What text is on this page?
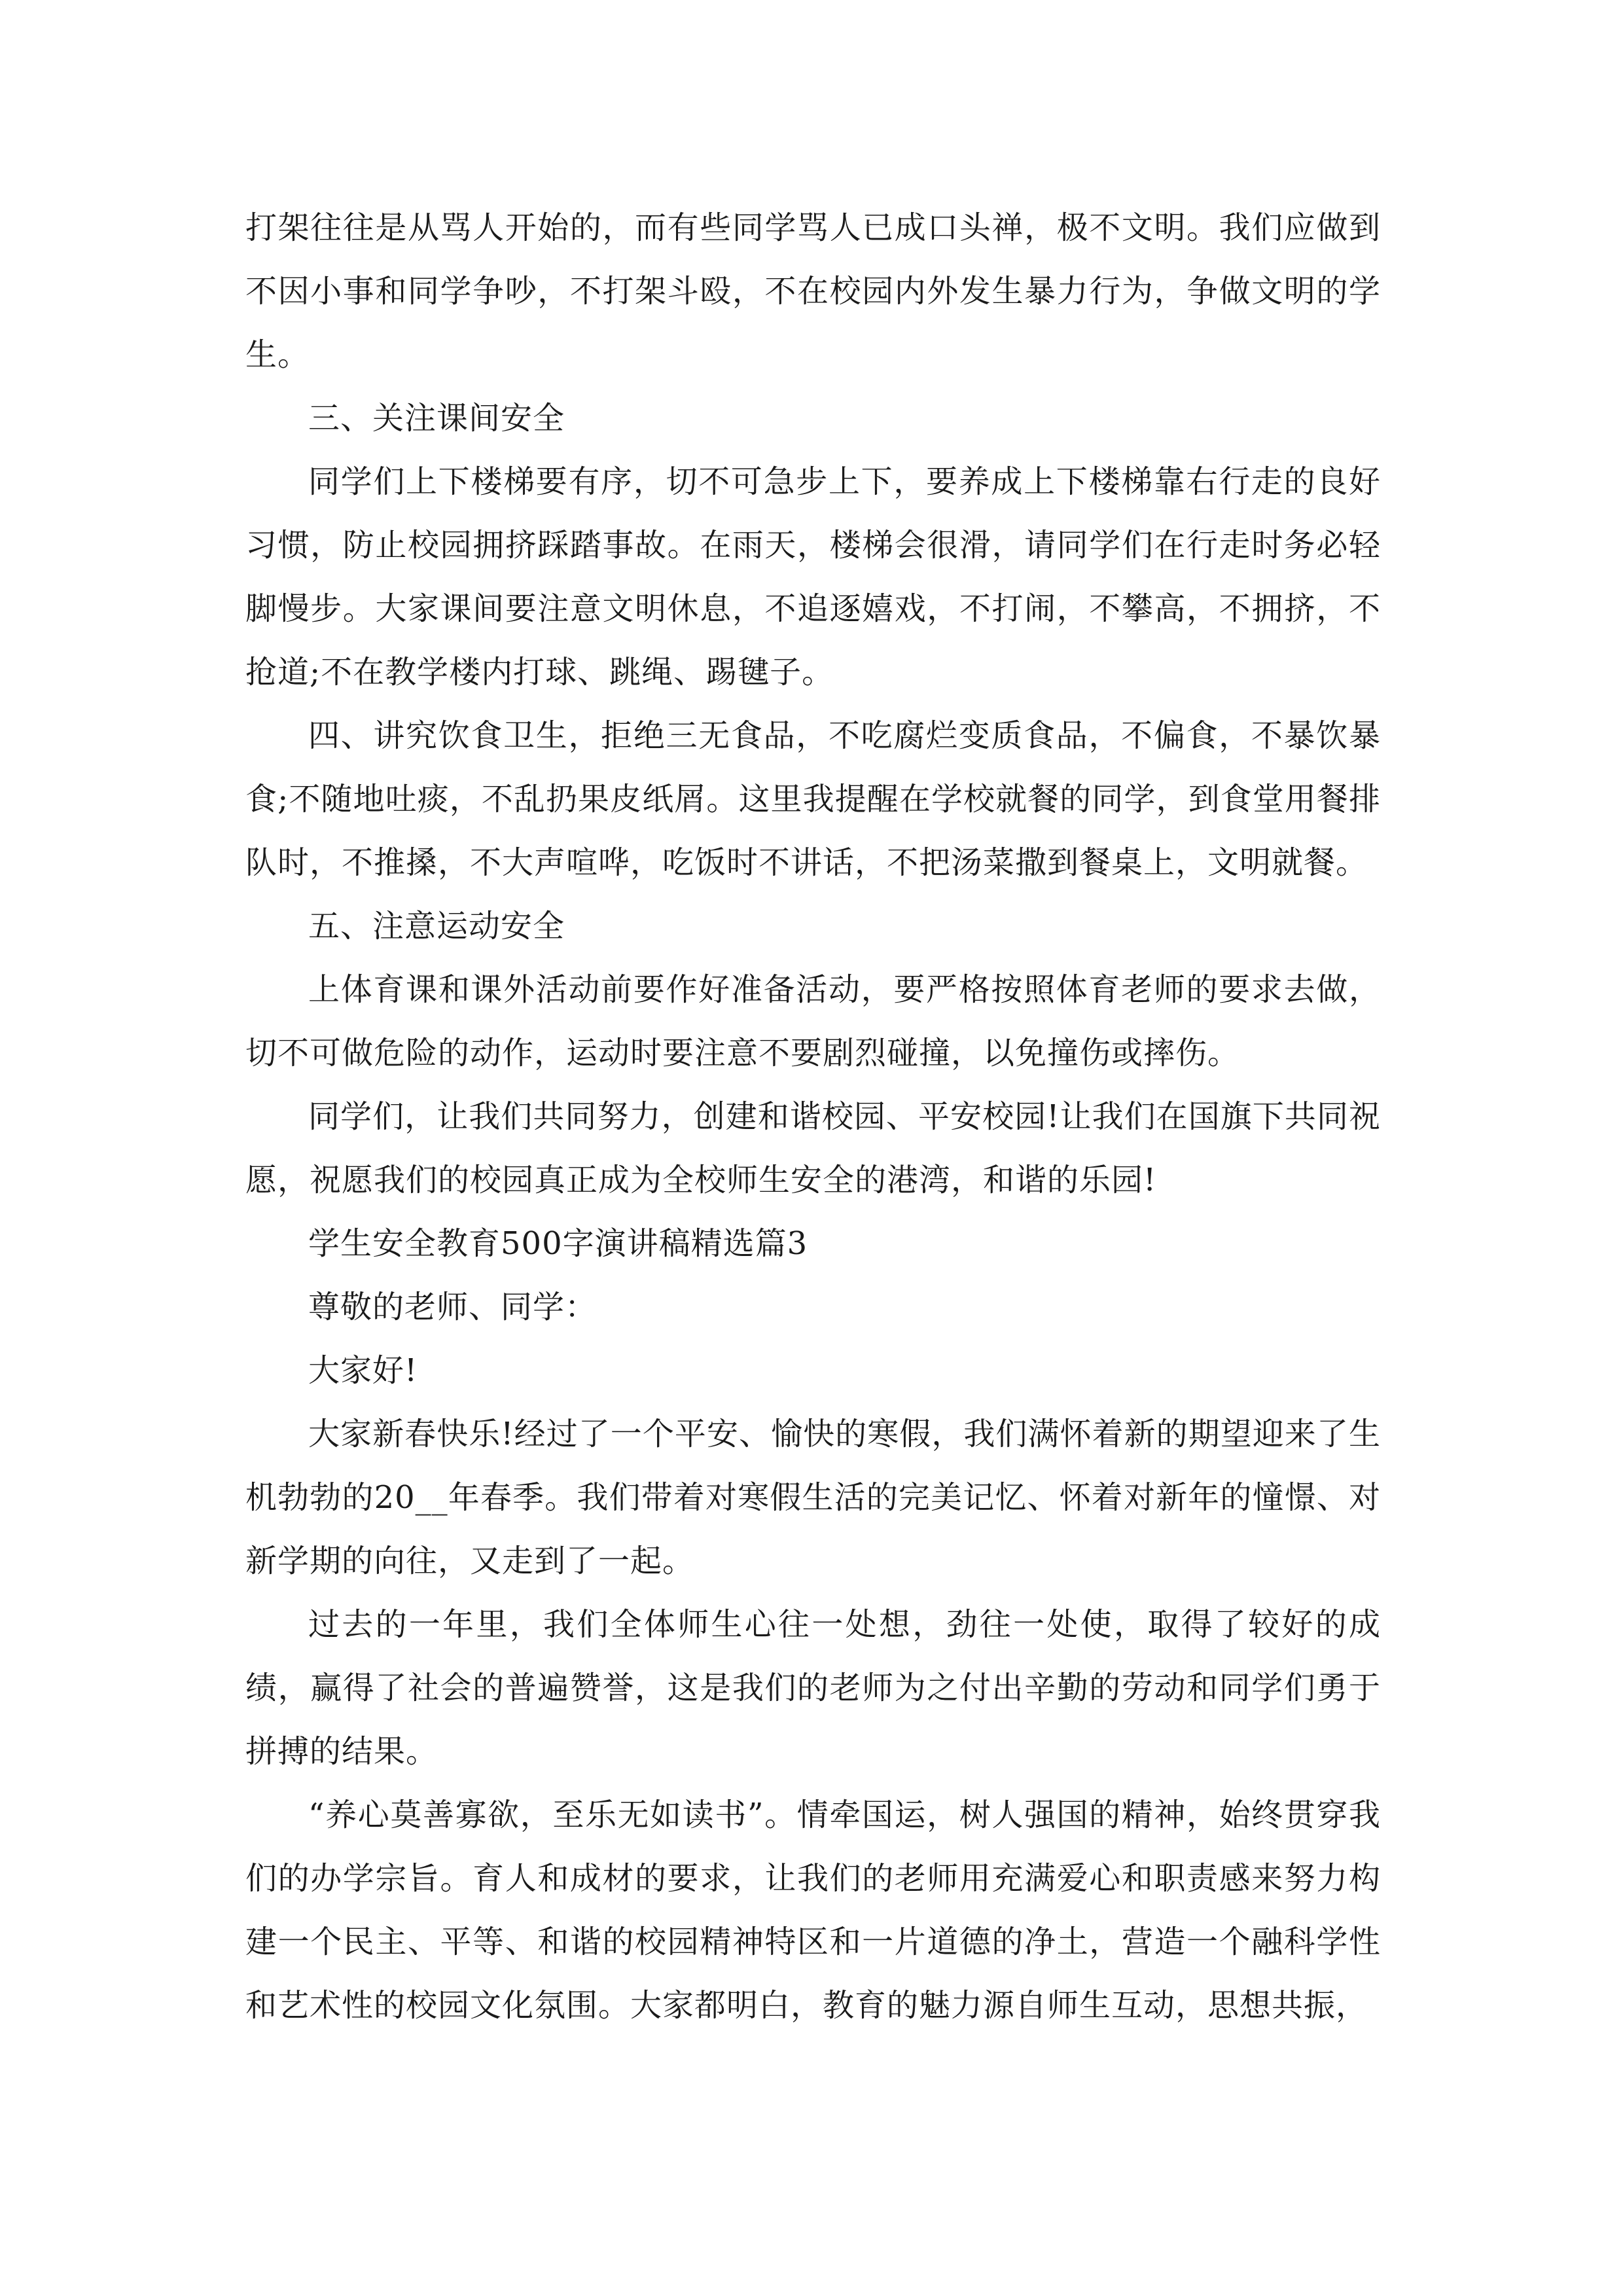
打架往往是从骂人开始的，而有些同学骂人已成口头禅，极不文明。我们应做到不因小事和同学争吵，不打架斗殴，不在校园内外发生暴力行为，争做文明的学生。

三、关注课间安全

同学们上下楼梯要有序，切不可急步上下，要养成上下楼梯靠右行走的良好习惯，防止校园拥挤踩踏事故。在雨天，楼梯会很滑，请同学们在行走时务必轻脚慢步。大家课间要注意文明休息，不追逐嬉戏，不打闹，不攀高，不拥挤，不抢道;不在教学楼内打球、跳绳、踢毽子。

四、讲究饮食卫生，拒绝三无食品，不吃腐烂变质食品，不偏食，不暴饮暴食;不随地吐痰，不乱扔果皮纸屑。这里我提醒在学校就餐的同学，到食堂用餐排队时，不推搡，不大声喧哗，吃饭时不讲话，不把汤菜撒到餐桌上，文明就餐。

五、注意运动安全

上体育课和课外活动前要作好准备活动，要严格按照体育老师的要求去做，切不可做危险的动作，运动时要注意不要剧烈碰撞，以免撞伤或摔伤。

同学们，让我们共同努力，创建和谐校园、平安校园!让我们在国旗下共同祝愿，祝愿我们的校园真正成为全校师生安全的港湾，和谐的乐园!

学生安全教育500字演讲稿精选篇3

尊敬的老师、同学：

大家好!

大家新春快乐!经过了一个平安、愉快的寒假，我们满怀着新的期望迎来了生机勃勃的20__年春季。我们带着对寒假生活的完美记忆、怀着对新年的憧憬、对新学期的向往，又走到了一起。

过去的一年里，我们全体师生心往一处想，劲往一处使，取得了较好的成绩，赢得了社会的普遍赞誉，这是我们的老师为之付出辛勤的劳动和同学们勇于拼搏的结果。

“养心莫善寡欲，至乐无如读书”。情牵国运，树人强国的精神，始终贯穿我们的办学宗旨。育人和成材的要求，让我们的老师用充满爱心和职责感来努力构建一个民主、平等、和谐的校园精神特区和一片道德的净土，营造一个融科学性和艺术性的校园文化氛围。大家都明白，教育的魅力源自师生互动，思想共振，
